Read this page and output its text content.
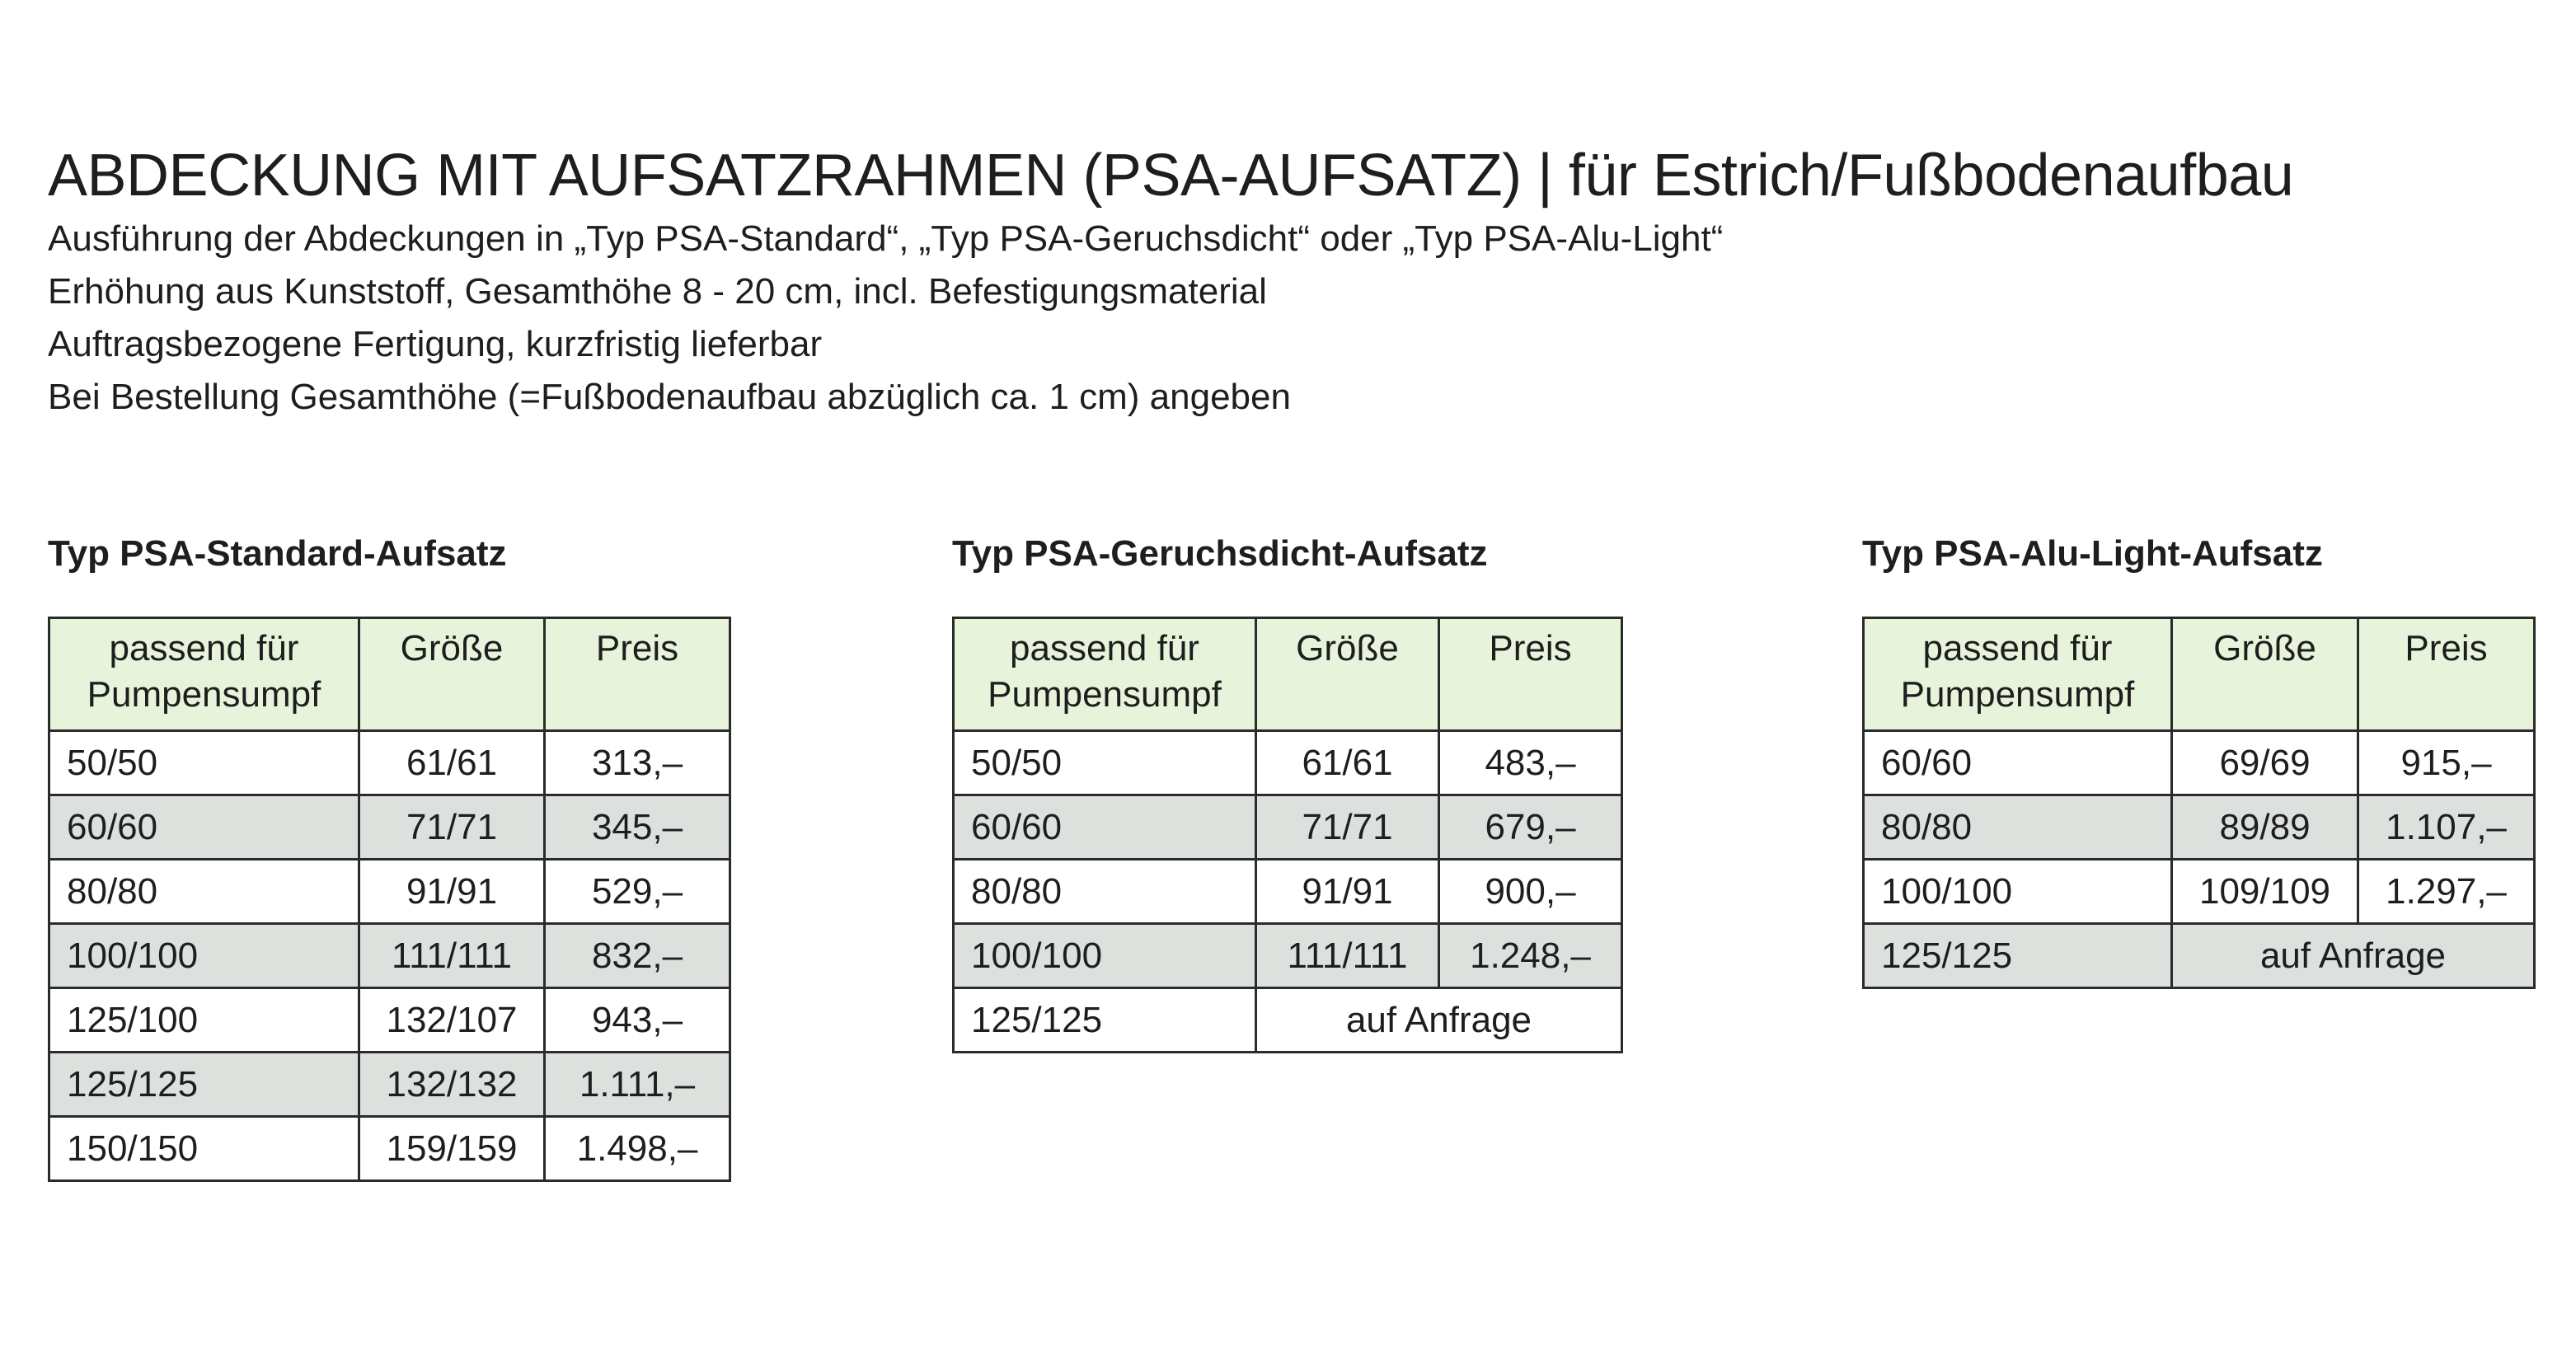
ABDECKUNG MIT AUFSATZRAHMEN (PSA-AUFSATZ) | für Estrich/Fußbodenaufbau

Ausführung der Abdeckungen in „Typ PSA-Standard“, „Typ PSA-Geruchsdicht“ oder „Typ PSA-Alu-Light“

Erhöhung aus Kunststoff, Gesamthöhe 8 - 20 cm, incl. Befestigungsmaterial

Auftragsbezogene Fertigung, kurzfristig lieferbar

Bei Bestellung Gesamthöhe (=Fußbodenaufbau abzüglich ca. 1 cm) angeben

Typ PSA-Standard-Aufsatz
passend für Pumpensumpf	Größe	Preis
50/50	61/61	313,–
60/60	71/71	345,–
80/80	91/91	529,–
100/100	111/111	832,–
125/100	132/107	943,–
125/125	132/132	1.111,–
150/150	159/159	1.498,–
Typ PSA-Geruchsdicht-Aufsatz
passend für Pumpensumpf	Größe	Preis
50/50	61/61	483,–
60/60	71/71	679,–
80/80	91/91	900,–
100/100	111/111	1.248,–
125/125	auf Anfrage	
Typ PSA-Alu-Light-Aufsatz
passend für Pumpensumpf	Größe	Preis
60/60	69/69	915,–
80/80	89/89	1.107,–
100/100	109/109	1.297,–
125/125	auf Anfrage	
